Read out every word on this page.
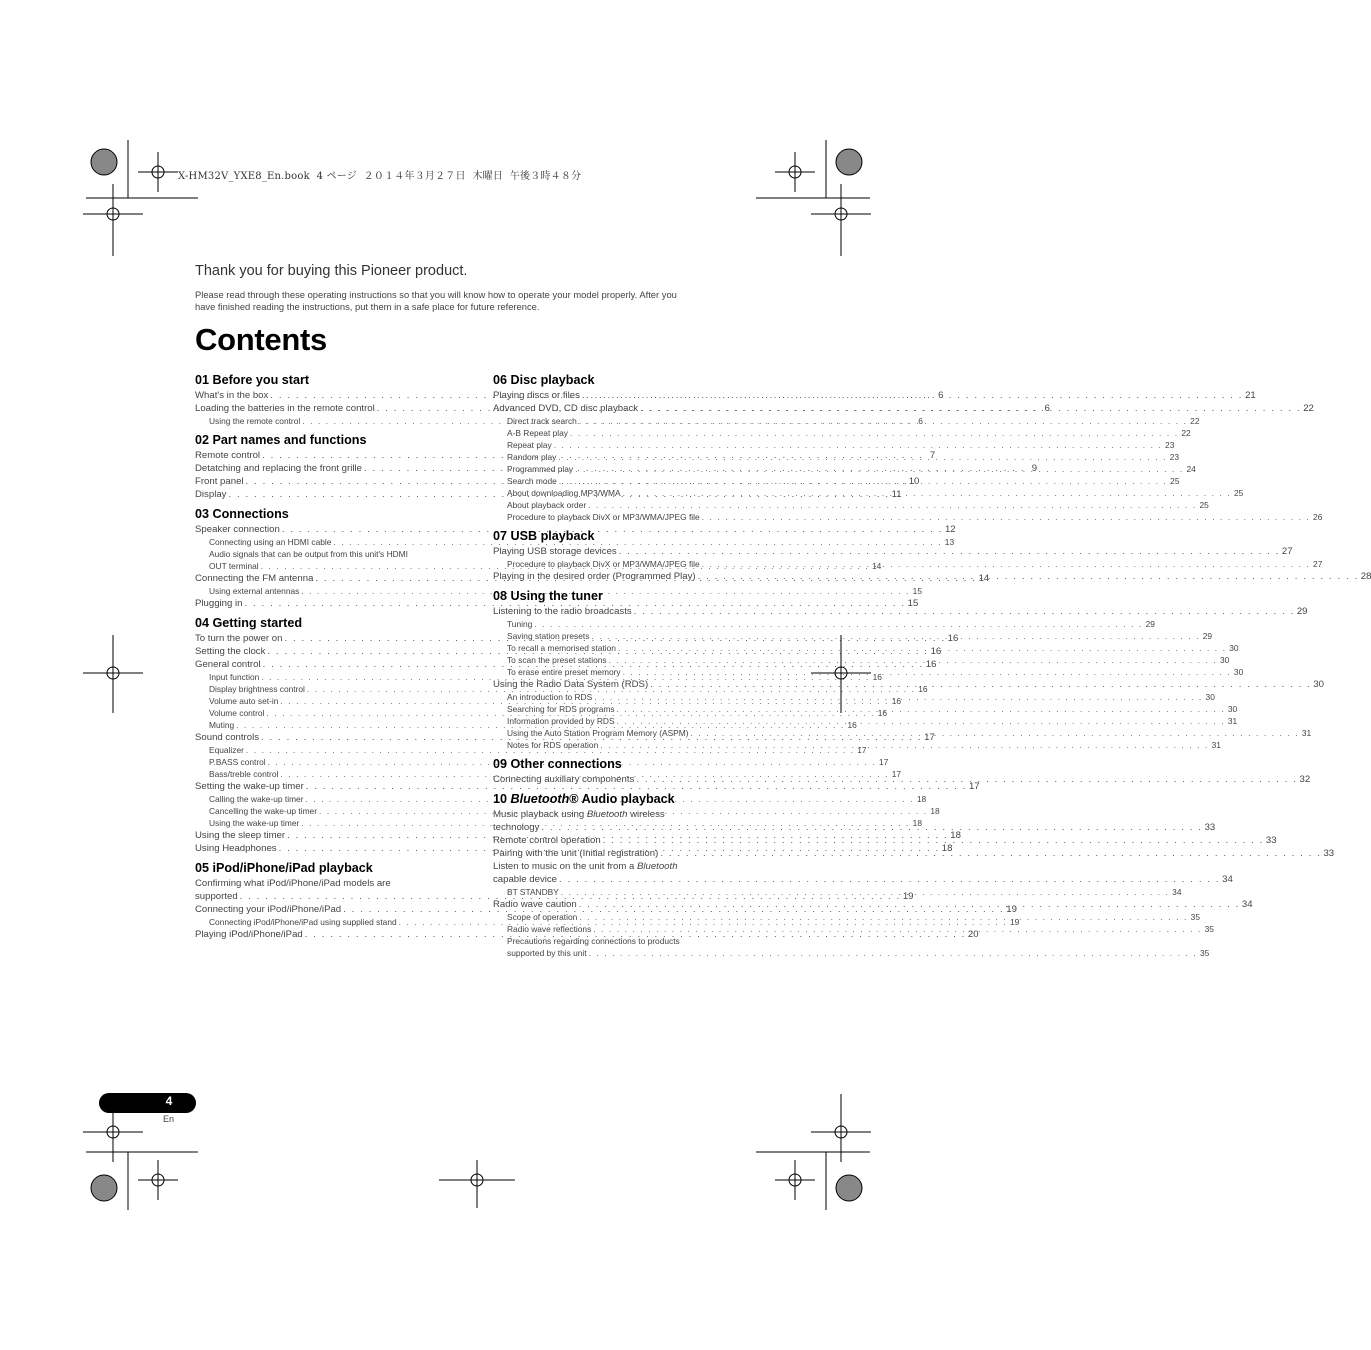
X-HM32V_YXE8_En.book  4 ページ  ２０１４年３月２７日  木曜日  午後３時４８分
Thank you for buying this Pioneer product.
Please read through these operating instructions so that you will know how to operate your model properly. After you
have finished reading the instructions, put them in a safe place for future reference.
Contents
01 Before you start
What's in the box . . .	6
Loading the batteries in the remote control . . .	6
Using the remote control . . .	6
02 Part names and functions
Remote control . . .	7
Detatching and replacing the front grille . . .	9
Front panel . . .	10
Display . . .	11
03 Connections
Speaker connection . . .	12
Connecting using an HDMI cable . . .	13
Audio signals that can be output from this unit's HDMI
OUT terminal . . .	14
Connecting the FM antenna . . .	14
Using external antennas . . .	15
Plugging in . . .	15
04 Getting started
To turn the power on . . .	16
Setting the clock . . .	16
General control . . .	16
Input function . . .	16
Display brightness control . . .	16
Volume auto set-in . . .	16
Volume control . . .	16
Muting . . .	16
Sound controls . . .	17
Equalizer . . .	17
P.BASS control . . .	17
Bass/treble control . . .	17
Setting the wake-up timer . . .	17
Calling the wake-up timer . . .	18
Cancelling the wake-up timer . . .	18
Using the wake-up timer . . .	18
Using the sleep timer . . .	18
Using Headphones . . .	18
05 iPod/iPhone/iPad playback
Confirming what iPod/iPhone/iPad models are
supported . . .	19
Connecting your iPod/iPhone/iPad . . .	19
Connecting iPod/iPhone/iPad using supplied stand . . .	19
Playing iPod/iPhone/iPad . . .	20
06 Disc playback
Playing discs or files . . .	21
Advanced DVD, CD disc playback . . .	22
Direct track search . . .	22
A-B Repeat play . . .	22
Repeat play . . .	23
Random play . . .	23
Programmed play . . .	24
Search mode . . .	25
About downloading MP3/WMA . . .	25
About playback order . . .	25
Procedure to playback DivX or MP3/WMA/JPEG file . . .	26
07 USB playback
Playing USB storage devices . . .	27
Procedure to playback DivX or MP3/WMA/JPEG file . . .	27
Playing in the desired order (Programmed Play) . . .	28
08 Using the tuner
Listening to the radio broadcasts . . .	29
Tuning . . .	29
Saving station presets . . .	29
To recall a memorised station . . .	30
To scan the preset stations . . .	30
To erase entire preset memory . . .	30
Using the Radio Data System (RDS) . . .	30
An introduction to RDS . . .	30
Searching for RDS programs . . .	30
Information provided by RDS . . .	31
Using the Auto Station Program Memory (ASPM) . . .	31
Notes for RDS operation . . .	31
09 Other connections
Connecting auxiliary components . . .	32
10 Bluetooth® Audio playback
Music playback using Bluetooth wireless
technology . . .	33
Remote control operation . . .	33
Pairing with the unit (Initial registration) . . .	33
Listen to music on the unit from a Bluetooth
capable device . . .	34
BT STANDBY . . .	34
Radio wave caution . . .	34
Scope of operation . . .	35
Radio wave reflections . . .	35
Precautions regarding connections to products
supported by this unit . . .	35
4
En
